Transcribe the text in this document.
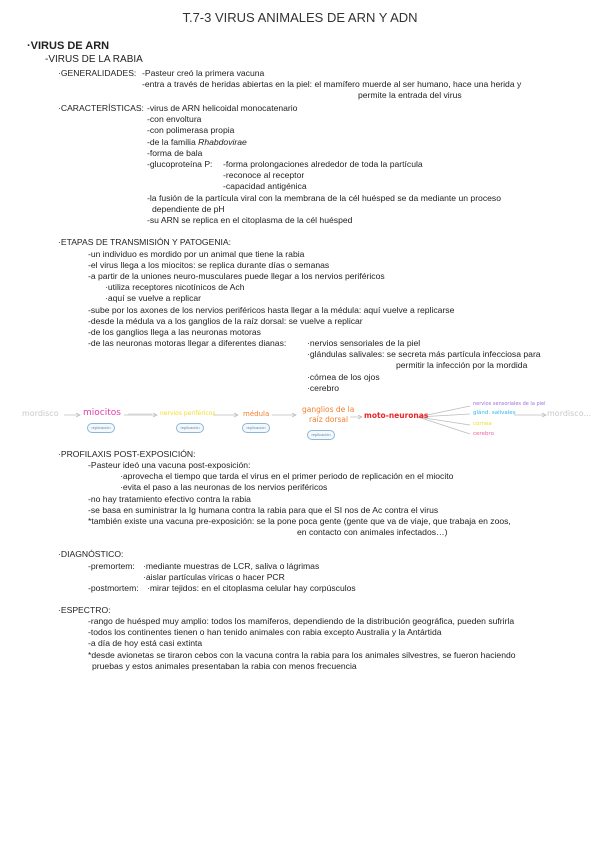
T.7-3 VIRUS ANIMALES DE ARN Y ADN
·VIRUS DE ARN
-VIRUS DE LA RABIA
·GENERALIDADES: -Pasteur creó la primera vacuna
-entra a través de heridas abiertas en la piel: el mamífero muerde al ser humano, hace una herida y
permite la entrada del virus
·CARACTERÍSTICAS: -virus de ARN helicoidal monocatenario
-con envoltura
-con polimerasa propia
-de la familia Rhabdovirae
-forma de bala
-glucoproteína P: -forma prolongaciones alrededor de toda la partícula
-reconoce al receptor
-capacidad antigénica
-la fusión de la partícula viral con la membrana de la cél huésped se da mediante un proceso
dependiente de pH
-su ARN se replica en el citoplasma de la cél huésped
·ETAPAS DE TRANSMISIÓN Y PATOGENIA:
-un individuo es mordido por un animal que tiene la rabia
-el virus llega a los miocitos: se replica durante días o semanas
-a partir de la uniones neuro-musculares puede llegar a los nervios periféricos
·utiliza receptores nicotínicos de Ach
·aquí se vuelve a replicar
-sube por los axones de los nervios periféricos hasta llegar a la médula: aquí vuelve a replicarse
-desde la médula va a los ganglios de la raíz dorsal: se vuelve a replicar
-de los ganglios llega a las neuronas motoras
-de las neuronas motoras llegar a diferentes dianas: ·nervios sensoriales de la piel
·glándulas salivales: se secreta más partícula infecciosa para
permitir la infección por la mordida
·córnea de los ojos
·cerebro
mordisco	miocitos	nervios periféricos	médula	ganglios de la
raíz dorsal moto-neuronas
nervios sensoriales de la piel
glánd. salivales
córnea
cerebro
mordisco...
replicación	replicación	replicación
replicación
·PROFILAXIS POST-EXPOSICIÓN:
-Pasteur ideó una vacuna post-exposición:
·aprovecha el tiempo que tarda el virus en el primer periodo de replicación en el miocito
·evita el paso a las neuronas de los nervios periféricos
-no hay tratamiento efectivo contra la rabia
-se basa en suministrar la Ig humana contra la rabia para que el SI nos de Ac contra el virus
*también existe una vacuna pre-exposición: se la pone poca gente (gente que va de viaje, que trabaja en zoos,
en contacto con animales infectados…)
·DIAGNÓSTICO:
-premortem: ·mediante muestras de LCR, saliva o lágrimas
·aislar partículas víricas o hacer PCR
-postmortem: ·mirar tejidos: en el citoplasma celular hay corpúsculos
·ESPECTRO:
-rango de huésped muy amplio: todos los mamíferos, dependiendo de la distribución geográfica, pueden sufrirla
-todos los continentes tienen o han tenido animales con rabia excepto Australia y la Antártida
-a día de hoy está casi extinta
*desde avionetas se tiraron cebos con la vacuna contra la rabia para los animales silvestres, se fueron haciendo
pruebas y estos animales presentaban la rabia con menos frecuencia
